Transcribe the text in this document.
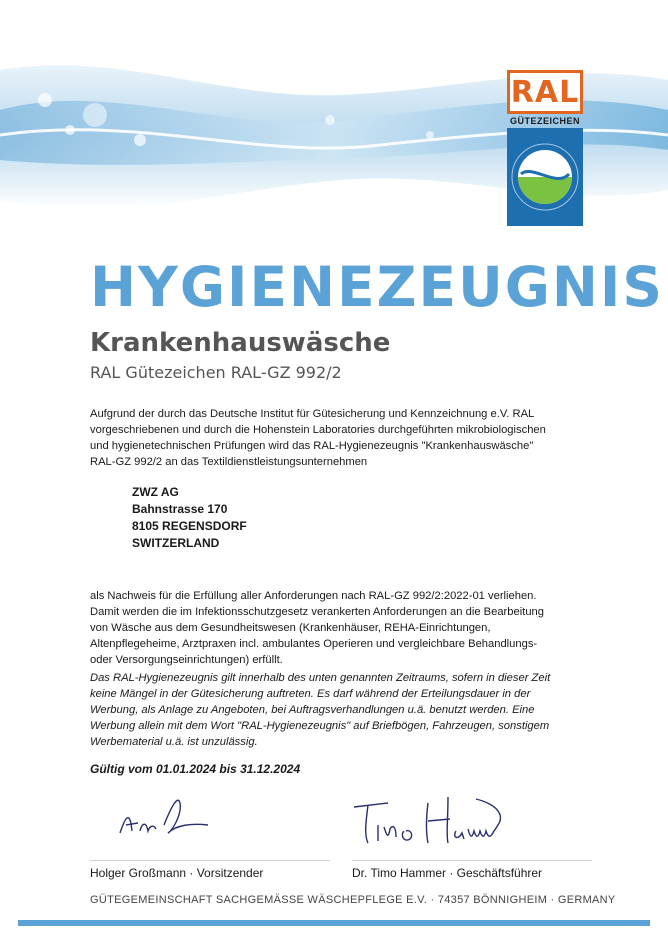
RAL
GÜTEZEICHEN
HYGIENEZEUGNIS
Krankenhauswäsche
RAL Gütezeichen RAL-GZ 992/2
Aufgrund der durch das Deutsche Institut für Gütesicherung und Kennzeichnung e.V. RAL
vorgeschriebenen und durch die Hohenstein Laboratories durchgeführten mikrobiologischen
und hygienetechnischen Prüfungen wird das RAL-Hygienezeugnis "Krankenhauswäsche"
RAL-GZ 992/2 an das Textildienstleistungsunternehmen
ZWZ AG
Bahnstrasse 170
8105 REGENSDORF
SWITZERLAND
als Nachweis für die Erfüllung aller Anforderungen nach RAL-GZ 992/2:2022-01 verliehen.
Damit werden die im Infektionsschutzgesetz verankerten Anforderungen an die Bearbeitung
von Wäsche aus dem Gesundheitswesen (Krankenhäuser, REHA-Einrichtungen,
Altenpflegeheime, Arztpraxen incl. ambulantes Operieren und vergleichbare Behandlungs-
oder Versorgungseinrichtungen) erfüllt.
Das RAL-Hygienezeugnis gilt innerhalb des unten genannten Zeitraums, sofern in dieser Zeit
keine Mängel in der Gütesicherung auftreten. Es darf während der Erteilungsdauer in der
Werbung, als Anlage zu Angeboten, bei Auftragsverhandlungen u.ä. benutzt werden. Eine
Werbung allein mit dem Wort "RAL-Hygienezeugnis" auf Briefbögen, Fahrzeugen, sonstigem
Werbematerial u.ä. ist unzulässig.
Gültig vom 01.01.2024 bis 31.12.2024
Holger Großmann · Vorsitzender	Dr. Timo Hammer · Geschäftsführer
GÜTEGEMEINSCHAFT SACHGEMÄSSE WÄSCHEPFLEGE E.V. · 74357 BÖNNIGHEIM · GERMANY
